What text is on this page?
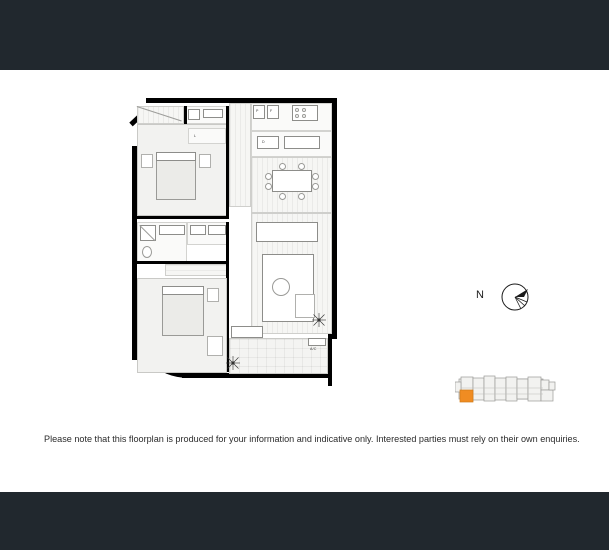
L
P	F
D
A/C
N

Please note that this floorplan is produced for your information and indicative only. Interested parties must rely on their own enquiries.
